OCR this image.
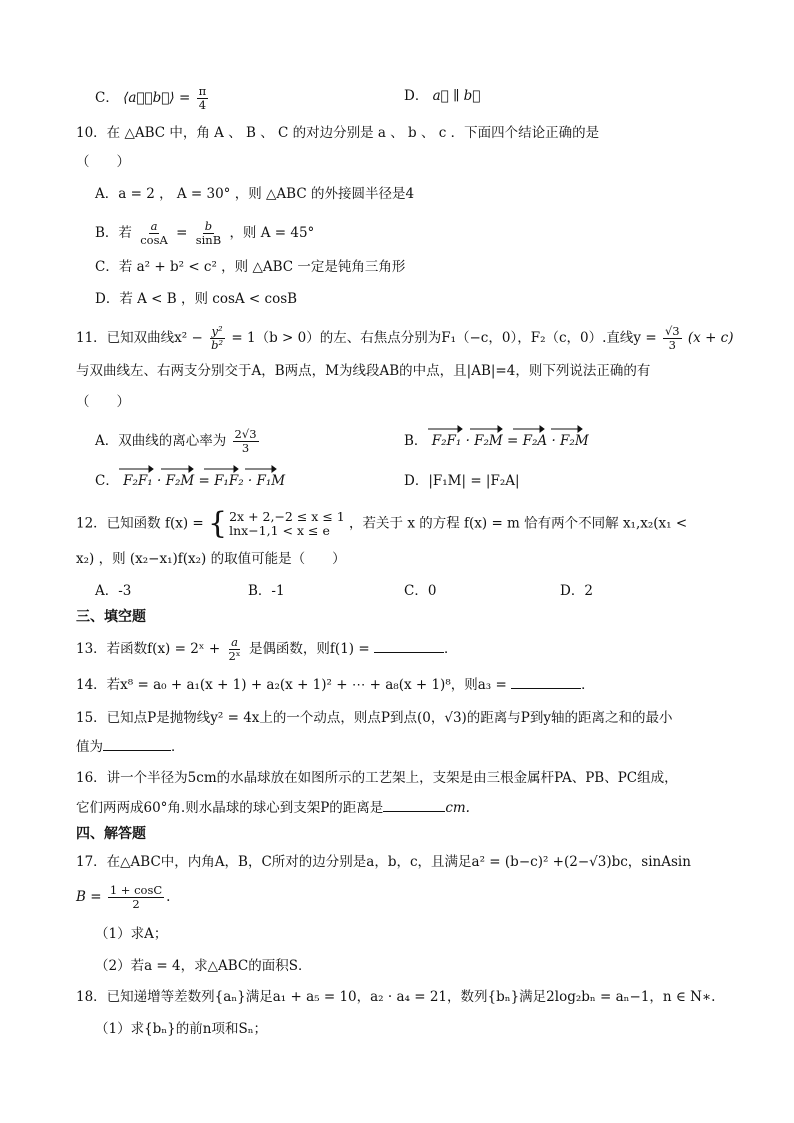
C． ⟨a⃗，b⃗⟩ = $\frac{\pi}{4}$	D． a⃗ ∥ b⃗
10．在 △ABC 中，角 A 、 B 、 C 的对边分别是 a 、 b 、 c ．下面四个结论正确的是
（　　）
A．a = 2 ， A = 30° ，则 △ABC 的外接圆半径是4
B．若 $\frac{a}{\cos A} = \frac{b}{\sin B}$ ，则 A = 45°
C．若 a² + b² < c² ，则 △ABC 一定是钝角三角形
D．若 A < B ，则 cosA < cosB
11．已知双曲线$x^2 - \frac{\text{y²}}{\text{b²}} = 1(b > 0)$的左、右焦点分别为F₁（−c，0），F₂（c，0）.直线$y = \frac{√3}{3} (x + c)$
与双曲线左、右两支分别交于A，B两点，M为线段AB的中点，且|AB|=4，则下列说法正确的有
（　　）
A．双曲线的离心率为 $\frac{2√3}{3}$	B． F₂F₁ · F₂M = F₂A · F₂M
C． F₂F₁ · F₂M = F₁F₂ · F₁M	D．|F₁M| = |F₂A|
12．已知函数 f(x) = { 2x + 2,−2 ≤ x ≤ 1
lnx−1,1 < x ≤ e	，若关于 x 的方程 f(x) = m 恰有两个不同解 x₁,x₂(x₁ <
x₂) ，则 (x₂−x₁)f(x₂) 的取值可能是（　　）
A．-3	B．-1	C．0	D．2
三、填空题
13．若函数f(x) = 2ˣ + $\frac{a}{\text{2ˣ}}$ 是偶函数，则f(1) =	．
14．若x⁸ = a₀ + a₁(x + 1) + a₂(x + 1)² + ⋯ + a₈(x + 1)⁸，则a₃ =	．
15．已知点P是抛物线y² = 4x上的一个动点，则点P到点(0，√3)的距离与P到y轴的距离之和的最小
值为	．
16．讲一个半径为5cm的水晶球放在如图所示的工艺架上，支架是由三根金属杆PA、PB、PC组成，
它们两两成60°角.则水晶球的球心到支架P的距离是	cm.
四、解答题
17．在△ABC中，内角A，B，C所对的边分别是a，b，c，且满足a² = (b−c)² +(2−√3)bc，sinAsin
$B = \frac{1 + \cos C}{2}$ .
（1）求A；
（2）若a = 4，求△ABC的面积S．
18．已知递增等差数列{aₙ}满足a₁ + a₅ = 10，a₂ · a₄ = 21，数列{bₙ}满足2log₂bₙ = aₙ−1，n ∈ N∗.
（1）求{bₙ}的前n项和Sₙ；
